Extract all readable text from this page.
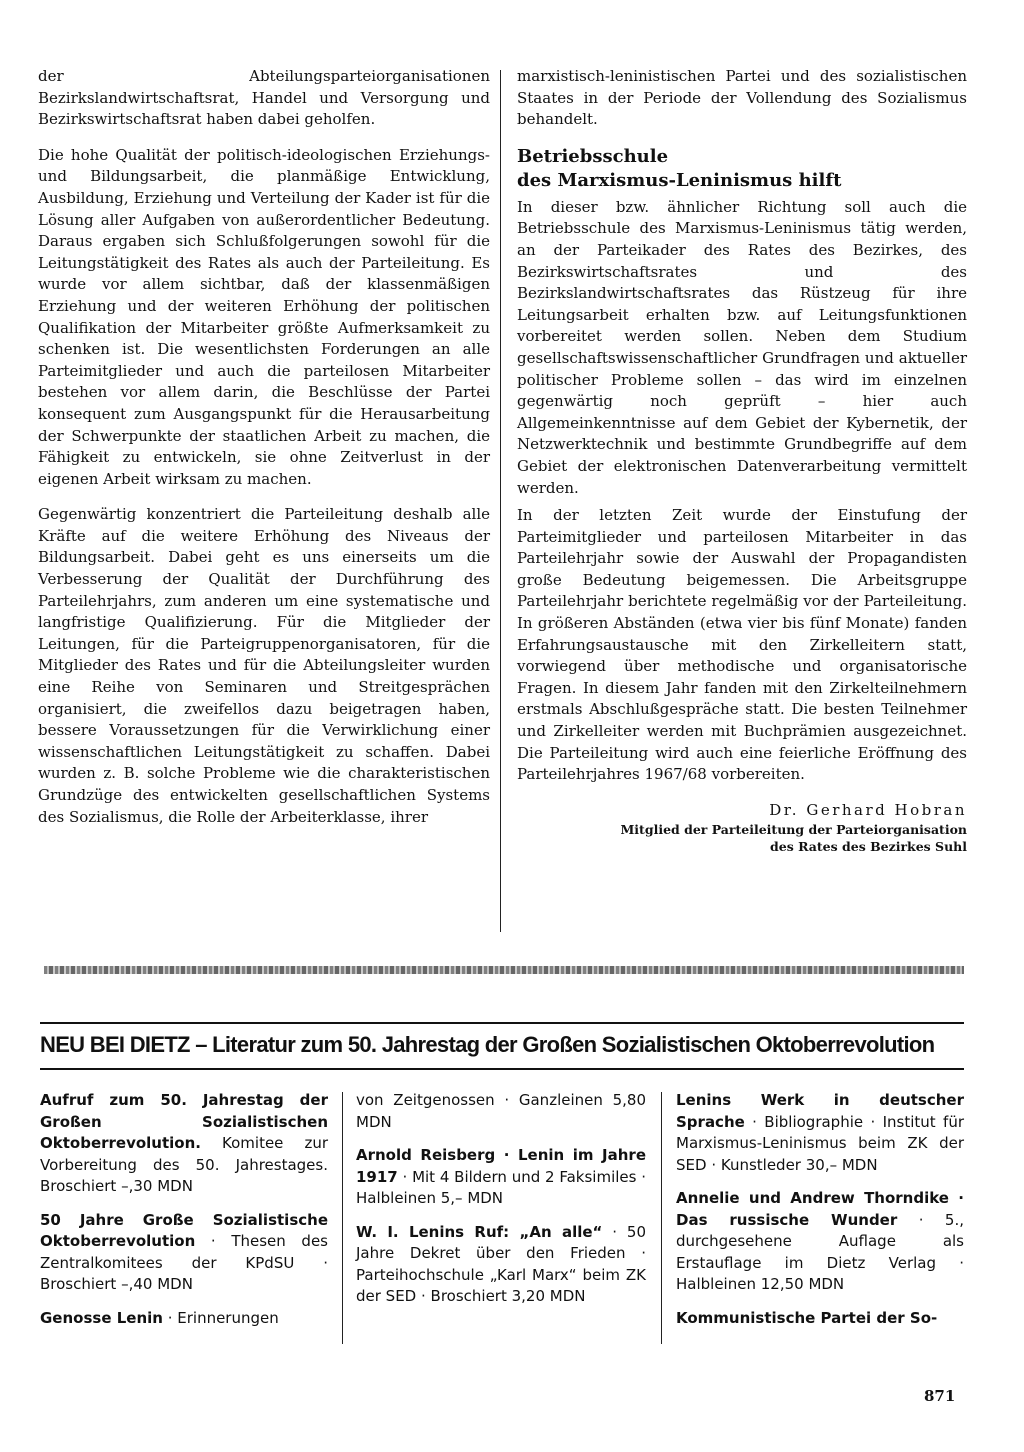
der Abteilungsparteiorganisationen Bezirkslandwirtschaftsrat, Handel und Versorgung und Bezirkswirtschaftsrat haben dabei geholfen.

Die hohe Qualität der politisch-ideologischen Erziehungs- und Bildungsarbeit, die planmäßige Entwicklung, Ausbildung, Erziehung und Verteilung der Kader ist für die Lösung aller Aufgaben von außerordentlicher Bedeutung. Daraus ergaben sich Schlußfolgerungen sowohl für die Leitungstätigkeit des Rates als auch der Parteileitung. Es wurde vor allem sichtbar, daß der klassenmäßigen Erziehung und der weiteren Erhöhung der politischen Qualifikation der Mitarbeiter größte Aufmerksamkeit zu schenken ist. Die wesentlichsten Forderungen an alle Parteimitglieder und auch die parteilosen Mitarbeiter bestehen vor allem darin, die Beschlüsse der Partei konsequent zum Ausgangspunkt für die Herausarbeitung der Schwerpunkte der staatlichen Arbeit zu machen, die Fähigkeit zu entwickeln, sie ohne Zeitverlust in der eigenen Arbeit wirksam zu machen.

Gegenwärtig konzentriert die Parteileitung deshalb alle Kräfte auf die weitere Erhöhung des Niveaus der Bildungsarbeit. Dabei geht es uns einerseits um die Verbesserung der Qualität der Durchführung des Parteilehrjahrs, zum anderen um eine systematische und langfristige Qualifizierung. Für die Mitglieder der Leitungen, für die Parteigruppenorganisatoren, für die Mitglieder des Rates und für die Abteilungsleiter wurden eine Reihe von Seminaren und Streitgesprächen organisiert, die zweifellos dazu beigetragen haben, bessere Voraussetzungen für die Verwirklichung einer wissenschaftlichen Leitungstätigkeit zu schaffen. Dabei wurden z. B. solche Probleme wie die charakteristischen Grundzüge des entwickelten gesellschaftlichen Systems des Sozialismus, die Rolle der Arbeiterklasse, ihrer

marxistisch-leninistischen Partei und des sozialistischen Staates in der Periode der Vollendung des Sozialismus behandelt.

Betriebsschule
des Marxismus-Leninismus hilft

In dieser bzw. ähnlicher Richtung soll auch die Betriebsschule des Marxismus-Leninismus tätig werden, an der Parteikader des Rates des Bezirkes, des Bezirkswirtschaftsrates und des Bezirkslandwirtschaftsrates das Rüstzeug für ihre Leitungsarbeit erhalten bzw. auf Leitungsfunktionen vorbereitet werden sollen. Neben dem Studium gesellschaftswissenschaftlicher Grundfragen und aktueller politischer Probleme sollen – das wird im einzelnen gegenwärtig noch geprüft – hier auch Allgemeinkenntnisse auf dem Gebiet der Kybernetik, der Netzwerktechnik und bestimmte Grundbegriffe auf dem Gebiet der elektronischen Datenverarbeitung vermittelt werden.

In der letzten Zeit wurde der Einstufung der Parteimitglieder und parteilosen Mitarbeiter in das Parteilehrjahr sowie der Auswahl der Propagandisten große Bedeutung beigemessen. Die Arbeitsgruppe Parteilehrjahr berichtete regelmäßig vor der Parteileitung. In größeren Abständen (etwa vier bis fünf Monate) fanden Erfahrungsaustausche mit den Zirkelleitern statt, vorwiegend über methodische und organisatorische Fragen. In diesem Jahr fanden mit den Zirkelteilnehmern erstmals Abschlußgespräche statt. Die besten Teilnehmer und Zirkelleiter werden mit Buchprämien ausgezeichnet. Die Parteileitung wird auch eine feierliche Eröffnung des Parteilehrjahres 1967/68 vorbereiten.

Dr. Gerhard Hobran
Mitglied der Parteileitung der Parteiorganisation
des Rates des Bezirkes Suhl
NEU BEI DIETZ – Literatur zum 50. Jahrestag der Großen Sozialistischen Oktoberrevolution
Aufruf zum 50. Jahrestag der Großen Sozialistischen Oktoberrevolution. Komitee zur Vorbereitung des 50. Jahrestages. Broschiert –,30 MDN
50 Jahre Große Sozialistische Oktoberrevolution · Thesen des Zentralkomitees der KPdSU · Broschiert –,40 MDN
Genosse Lenin · Erinnerungen
von Zeitgenossen · Ganzleinen 5,80 MDN
Arnold Reisberg · Lenin im Jahre 1917 · Mit 4 Bildern und 2 Faksimiles · Halbleinen 5,– MDN
W. I. Lenins Ruf: „An alle“ · 50 Jahre Dekret über den Frieden · Parteihochschule „Karl Marx“ beim ZK der SED · Broschiert 3,20 MDN
Lenins Werk in deutscher Sprache · Bibliographie · Institut für Marxismus-Leninismus beim ZK der SED · Kunstleder 30,– MDN
Annelie und Andrew Thorndike · Das russische Wunder · 5., durchgesehene Auflage als Erstauflage im Dietz Verlag · Halbleinen 12,50 MDN
Kommunistische Partei der So-
871
